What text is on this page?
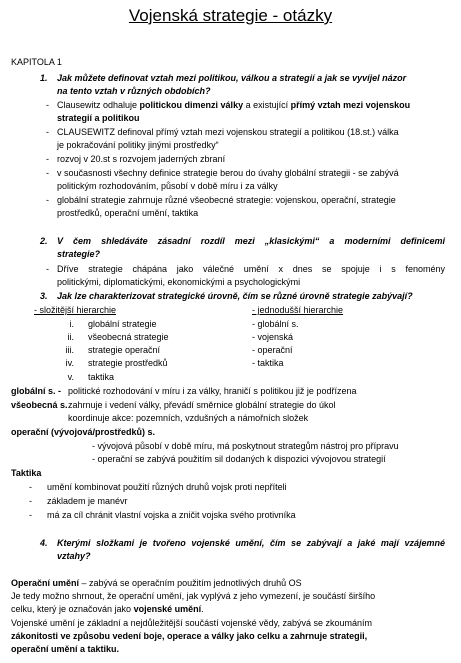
Vojenská strategie - otázky
KAPITOLA 1
1. Jak můžete definovat vztah mezi politikou, válkou a strategií a jak se vyvíjel názor
na tento vztah v různých obdobích?
- Clausewitz odhaluje politickou dimenzi války a existující přímý vztah mezi vojenskou
strategií a politikou
- CLAUSEWITZ definoval přímý vztah mezi vojenskou strategií a politikou (18.st.) válka
je pokračování politiky jinými prostředky“
- rozvoj v 20.st s rozvojem jaderných zbraní
- v současnosti všechny definice strategie berou do úvahy globální strategii - se zabývá
politickým rozhodováním, působí v době míru i za války
- globální strategie zahrnuje různé všeobecné strategie: vojenskou, operační, strategie
prostředků, operační umění, taktika
2. V čem shledáváte zásadní rozdíl mezi „klasickými“ a moderními definicemi
strategie?
- Dříve strategie chápána jako válečné umění x dnes se spojuje i s fenomény
politickými, diplomatickými, ekonomickými a psychologickými
3. Jak lze charakterizovat strategické úrovně, čím se různé úrovně strategie zabývají?
- složitější hierarchie	- jednodušší hierarchie
i. globální strategie	- globální s.
ii. všeobecná strategie	- vojenská
iii. strategie operační	- operační
iv. strategie prostředků	- taktika
v. taktika
globální s. - politické rozhodování v míru i za války, hraničí s politikou již je podřízena
všeobecná s. zahrnuje i vedení války, převádí směrnice globální strategie do úkol
koordinuje akce: pozemních, vzdušných a námořních složek
operační (vývojová/prostředků) s.
- vývojová působí v době míru, má poskytnout strategům nástroj pro přípravu
- operační se zabývá použitím sil dodaných k dispozici vývojovou strategií
Taktika
- umění kombinovat použití různých druhů vojsk proti nepříteli
- základem je manévr
- má za cíl chránit vlastní vojska a zničit vojska svého protivníka
4. Kterými složkami je tvořeno vojenské umění, čím se zabývají a jaké mají vzájemné
vztahy?
Operační umění – zabývá se operačním použitím jednotlivých druhů OS
Je tedy možno shrnout, že operační umění, jak vyplývá z jeho vymezení, je součástí širšího
celku, který je označován jako vojenské umění.
Vojenské umění je základní a nejdůležitější součástí vojenské vědy, zabývá se zkoumáním
zákonitosti ve způsobu vedení boje, operace a války jako celku a zahrnuje strategii,
operační umění a taktiku.
